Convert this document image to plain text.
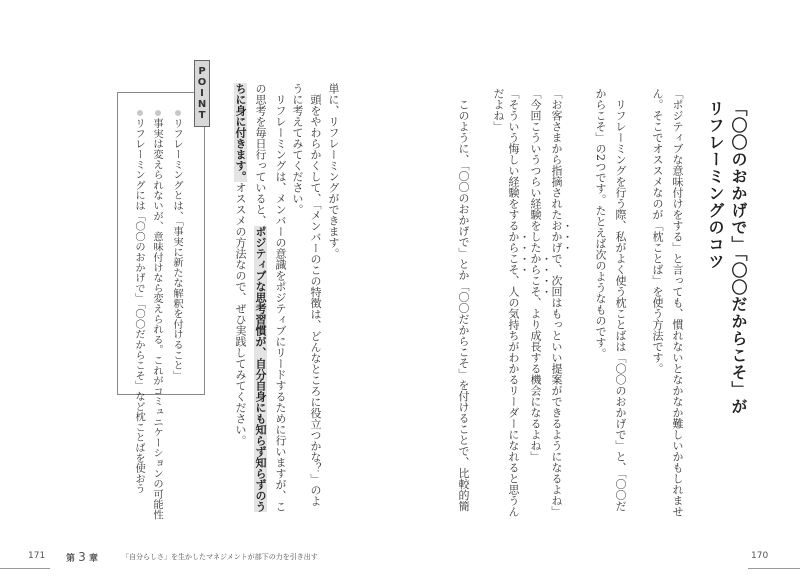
「〇〇のおかげで」「〇〇だからこそ」が
リフレーミングのコツ
「ポジティブな意味付けをする」と言っても、慣れないとなかなか難しいかもしれませ
ん。そこでオススメなのが「枕ことば」を使う方法です。
リフレーミングを行う際、私がよく使う枕ことばは「〇〇のおかげで」と、「〇〇だ
からこそ」の2つです。たとえば次のようなものです。
「お客さまから指摘されたおかげで、次回はもっといい提案ができるようになるよね」
「今回こういうつらい経験をしたからこそ、より成長する機会になるよね」
「そういう悔しい経験をするからこそ、人の気持ちがわかるリーダーになれると思うん
だよね」
このように、「〇〇のおかげで」とか「〇〇だからこそ」を付けることで、比較的簡
170
単に、リフレーミングができます。
頭をやわらかくして、「メンバーのこの特徴は、どんなところに役立つかな？」のよ
うに考えてみてください。
リフレーミングは、メンバーの意識をポジティブにリードするために行いますが、こ
の思考を毎日行っていると、ポジティブな思考習慣が、自分自身にも知らず知らずのう
ちに身に付きます。オススメの方法なので、ぜひ実践してみてください。
P
O
I
N
T
リフレーミングとは、「事実に新たな解釈を付けること」
事実は変えられないが、意味付けなら変えられる。これがコミュニケーションの可能性
リフレーミングには「〇〇のおかげで」「〇〇だからこそ」など枕ことばを使おう
171 第 3 章	「自分らしさ」を生かしたマネジメントが部下の力を引き出す
